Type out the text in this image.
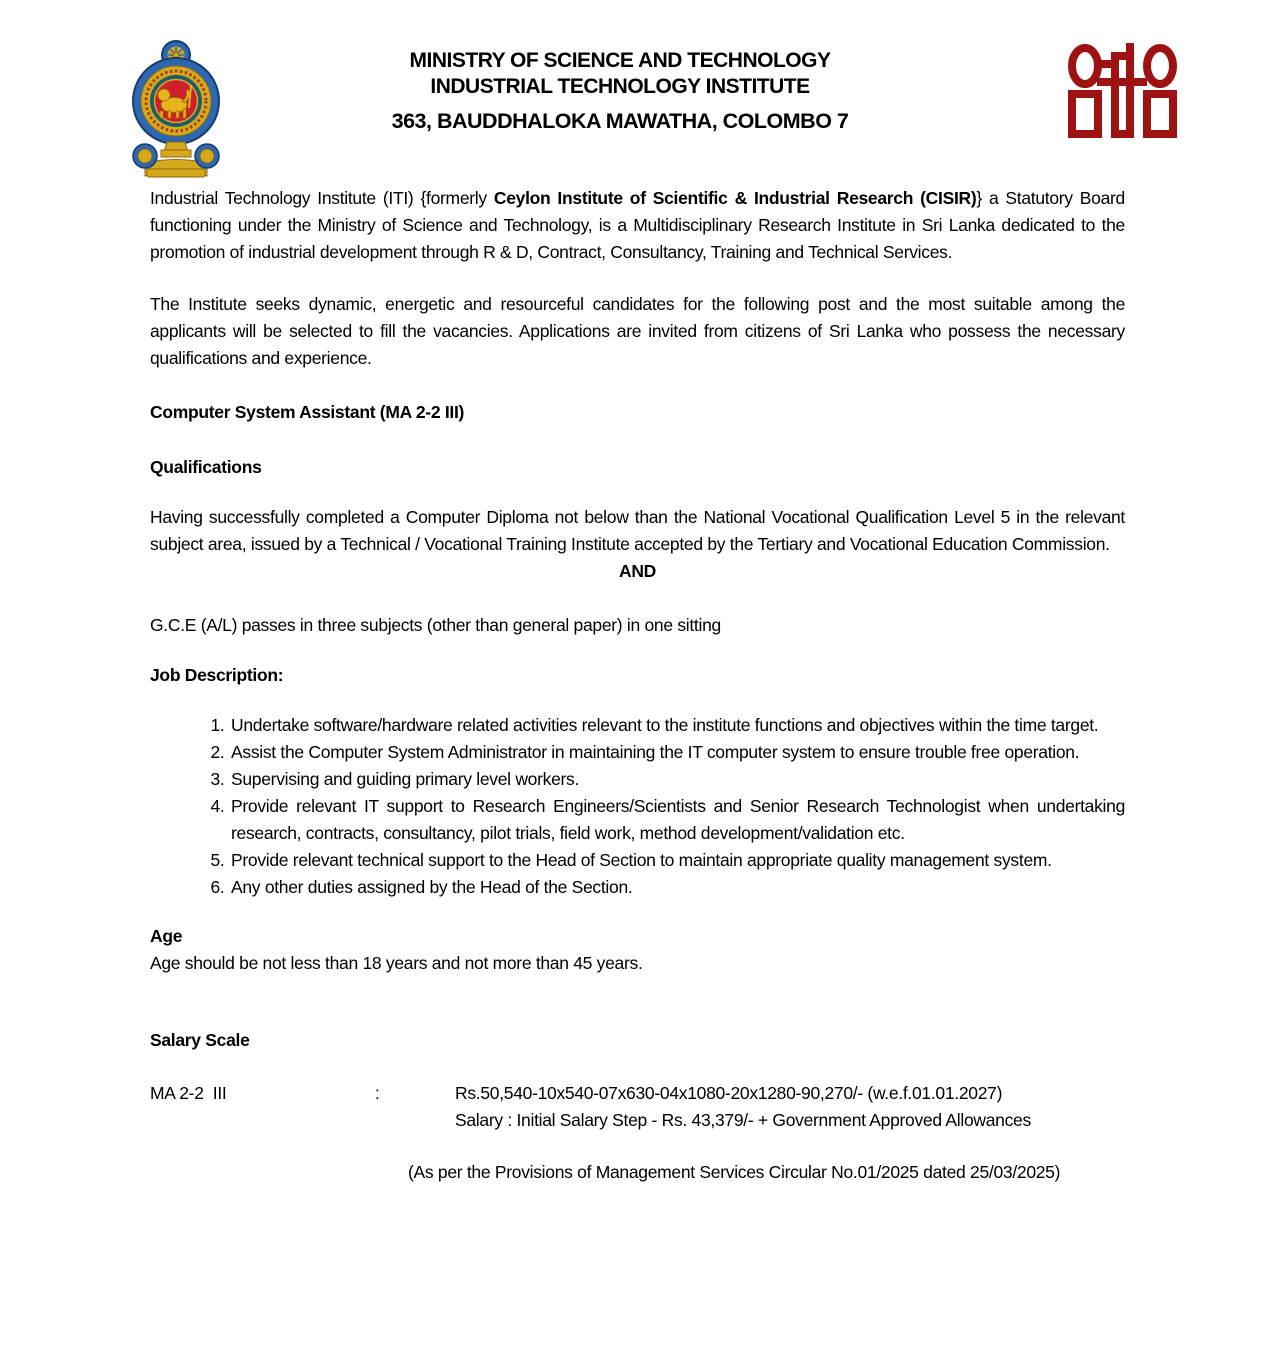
MINISTRY OF SCIENCE AND TECHNOLOGY
INDUSTRIAL TECHNOLOGY INSTITUTE
363, BAUDDHALOKA MAWATHA, COLOMBO 7

Industrial Technology Institute (ITI) {formerly Ceylon Institute of Scientific & Industrial Research (CISIR)} a Statutory Board functioning under the Ministry of Science and Technology, is a Multidisciplinary Research Institute in Sri Lanka dedicated to the promotion of industrial development through R & D, Contract, Consultancy, Training and Technical Services.

The Institute seeks dynamic, energetic and resourceful candidates for the following post and the most suitable among the applicants will be selected to fill the vacancies. Applications are invited from citizens of Sri Lanka who possess the necessary qualifications and experience.

Computer System Assistant (MA 2-2 III)
Qualifications

Having successfully completed a Computer Diploma not below than the National Vocational Qualification Level 5 in the relevant subject area, issued by a Technical / Vocational Training Institute accepted by the Tertiary and Vocational Education Commission.

AND

G.C.E (A/L) passes in three subjects (other than general paper) in one sitting

Job Description:
1. Undertake software/hardware related activities relevant to the institute functions and objectives within the time target.
2. Assist the Computer System Administrator in maintaining the IT computer system to ensure trouble free operation.
3. Supervising and guiding primary level workers.
4. Provide relevant IT support to Research Engineers/Scientists and Senior Research Technologist when undertaking research, contracts, consultancy, pilot trials, field work, method development/validation etc.
5. Provide relevant technical support to the Head of Section to maintain appropriate quality management system.
6. Any other duties assigned by the Head of the Section.
Age

Age should be not less than 18 years and not more than 45 years.

Salary Scale
MA 2-2  III	:	Rs.50,540-10x540-07x630-04x1080-20x1280-90,270/- (w.e.f.01.01.2027)
Salary : Initial Salary Step - Rs. 43,379/- + Government Approved Allowances

(As per the Provisions of Management Services Circular No.01/2025 dated 25/03/2025)
